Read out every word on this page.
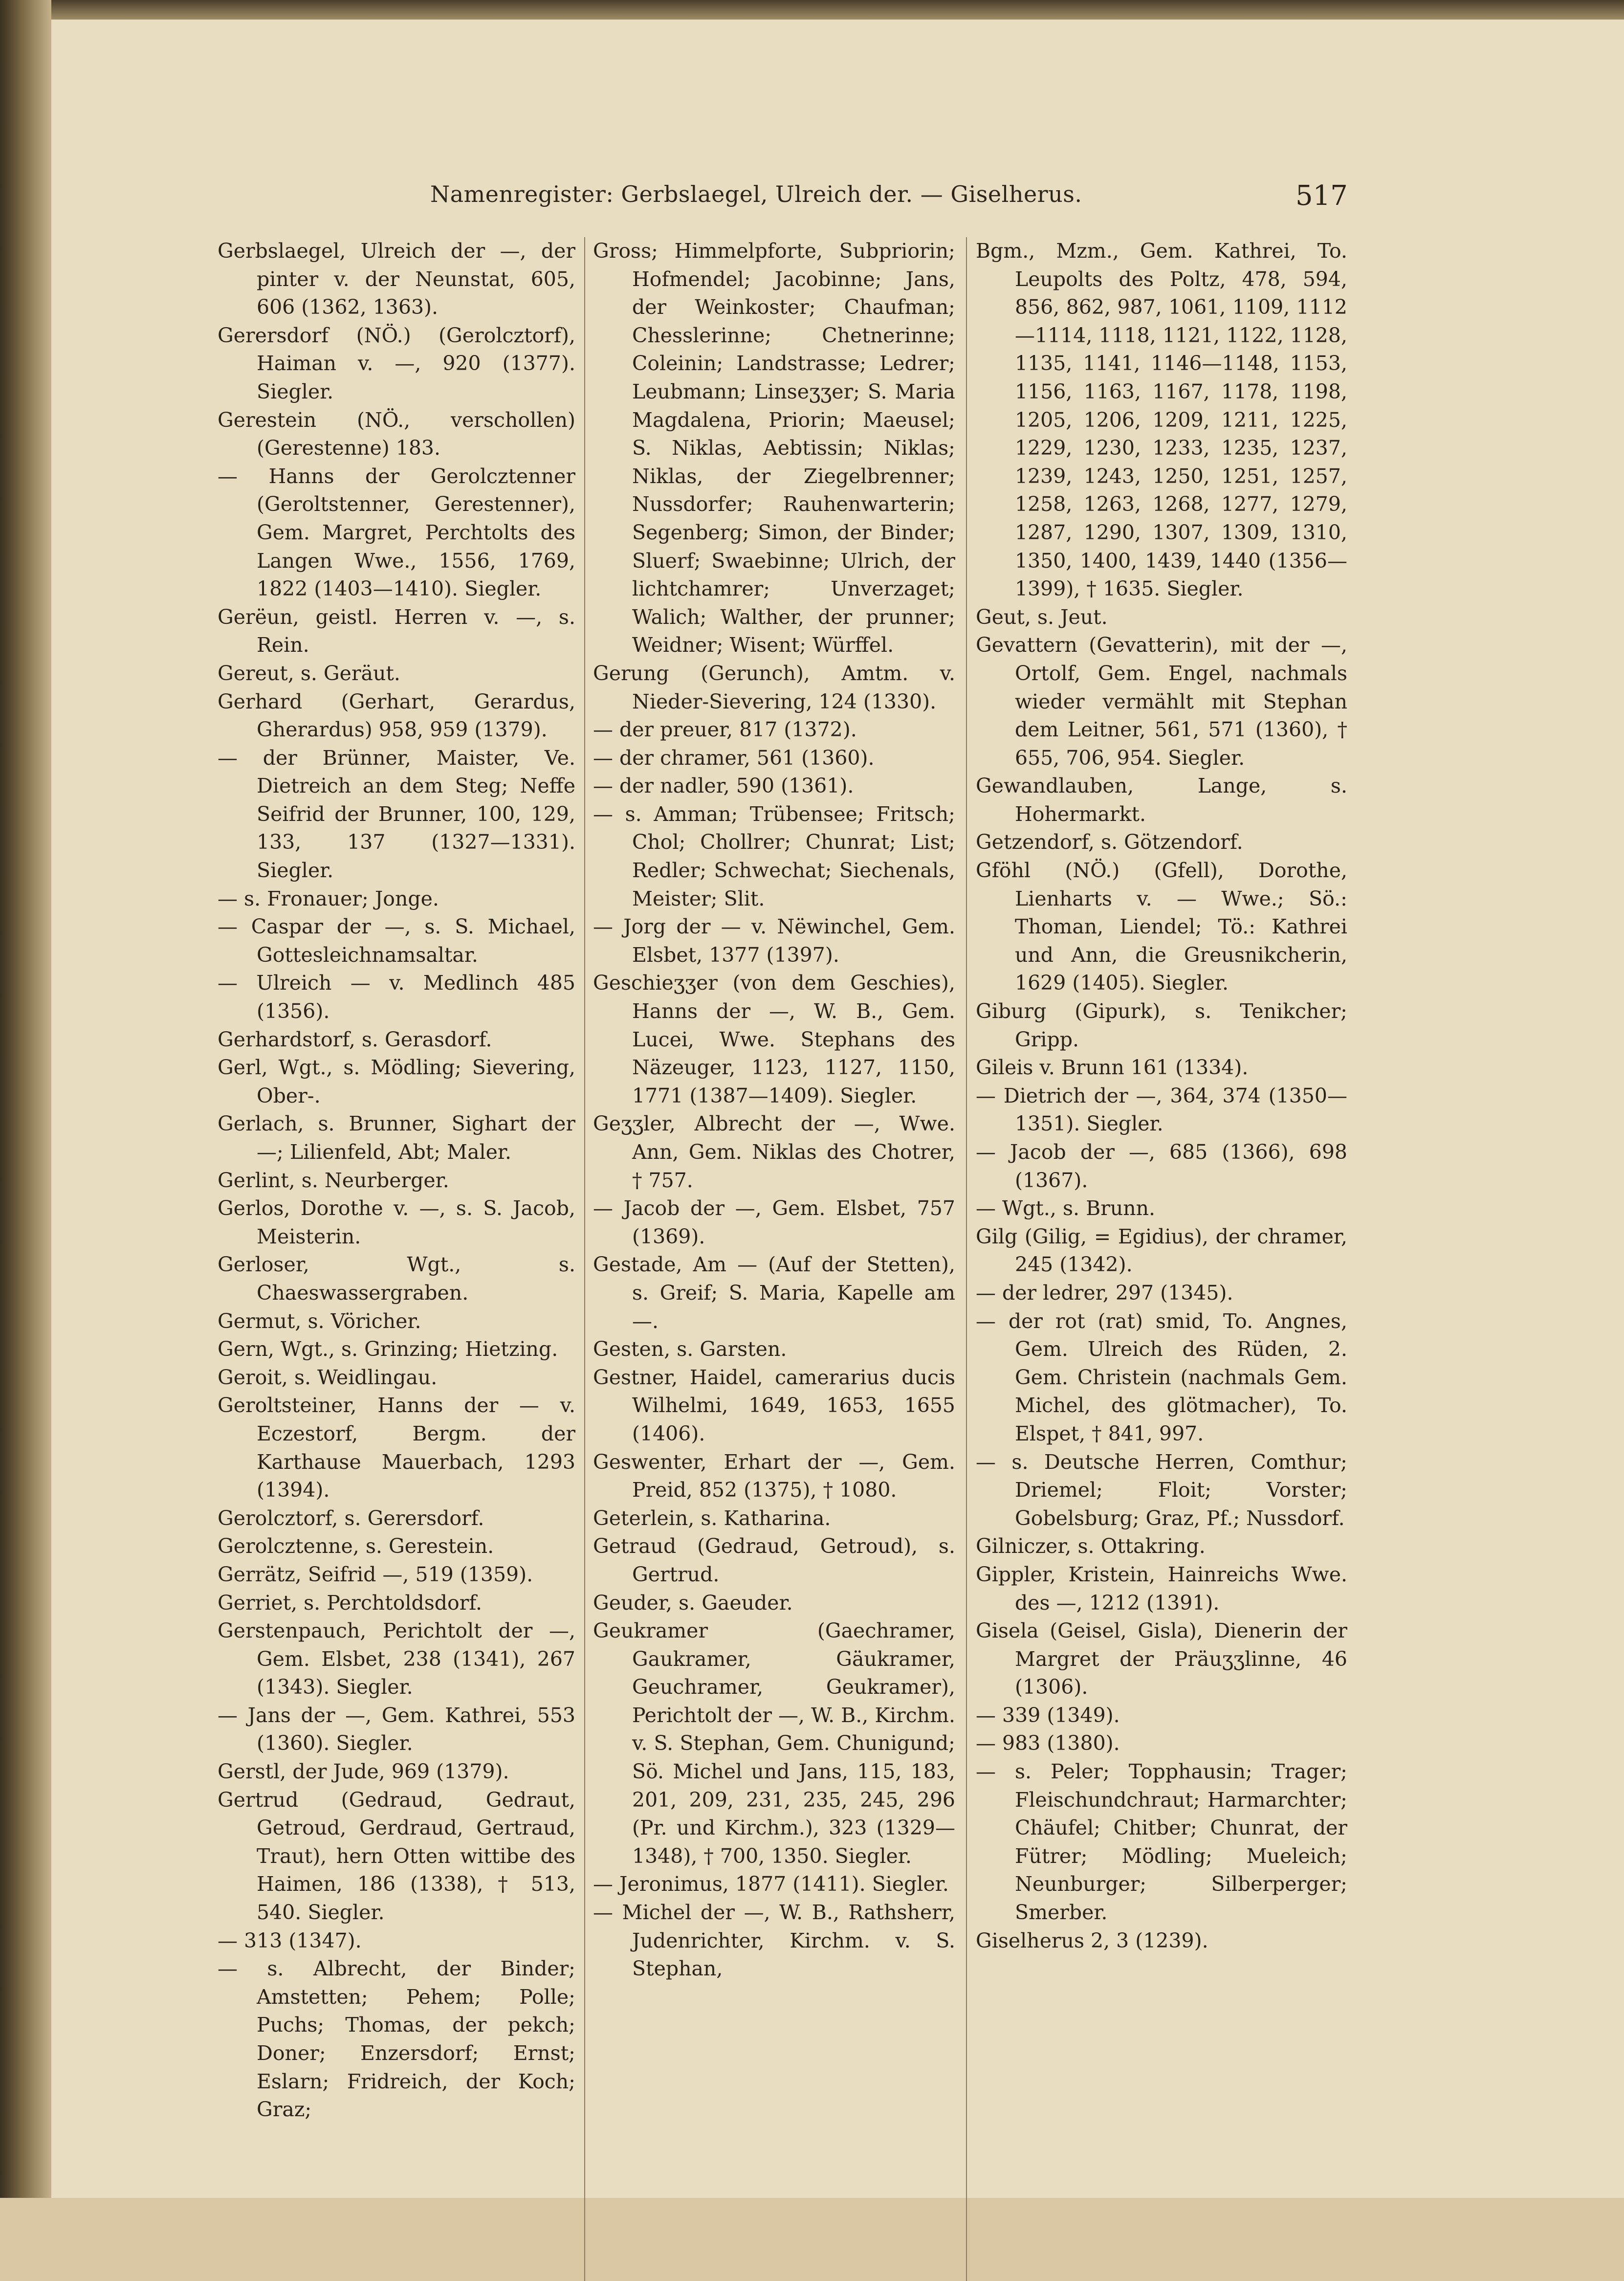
Namenregister: Gerbslaegel, Ulreich der. — Giselherus.	517
Gerbslaegel, Ulreich der —, der pinter v. der Neunstat, 605, 606 (1362, 1363).
Gerersdorf (NÖ.) (Gerolcztorf), Haiman v. —, 920 (1377). Siegler.
Gerestein (NÖ., verschollen) (Gerestenne) 183.
— Hanns der Gerolcztenner (Geroltstenner, Gerestenner), Gem. Margret, Perchtolts des Langen Wwe., 1556, 1769, 1822 (1403—1410). Siegler.
Gerëun, geistl. Herren v. —, s. Rein.
Gereut, s. Geräut.
Gerhard (Gerhart, Gerardus, Gherardus) 958, 959 (1379).
— der Brünner, Maister, Ve. Dietreich an dem Steg; Neffe Seifrid der Brunner, 100, 129, 133, 137 (1327—1331). Siegler.
— s. Fronauer; Jonge.
— Caspar der —, s. S. Michael, Gottesleichnamsaltar.
— Ulreich — v. Medlinch 485 (1356).
Gerhardstorf, s. Gerasdorf.
Gerl, Wgt., s. Mödling; Sievering, Ober-.
Gerlach, s. Brunner, Sighart der —; Lilienfeld, Abt; Maler.
Gerlint, s. Neurberger.
Gerlos, Dorothe v. —, s. S. Jacob, Meisterin.
Gerloser, Wgt., s. Chaeswassergraben.
Germut, s. Vöricher.
Gern, Wgt., s. Grinzing; Hietzing.
Geroit, s. Weidlingau.
Geroltsteiner, Hanns der — v. Eczestorf, Bergm. der Karthause Mauerbach, 1293 (1394).
Gerolcztorf, s. Gerersdorf.
Gerolcztenne, s. Gerestein.
Gerrätz, Seifrid —, 519 (1359).
Gerriet, s. Perchtoldsdorf.
Gerstenpauch, Perichtolt der —, Gem. Elsbet, 238 (1341), 267 (1343). Siegler.
— Jans der —, Gem. Kathrei, 553 (1360). Siegler.
Gerstl, der Jude, 969 (1379).
Gertrud (Gedraud, Gedraut, Getroud, Gerdraud, Gertraud, Traut), hern Otten wittibe des Haimen, 186 (1338), † 513, 540. Siegler.
— 313 (1347).
— s. Albrecht, der Binder; Amstetten; Pehem; Polle; Puchs; Thomas, der pekch; Doner; Enzersdorf; Ernst; Eslarn; Fridreich, der Koch; Graz;
Gross; Himmelpforte, Subpriorin; Hofmendel; Jacobinne; Jans, der Weinkoster; Chaufman; Chesslerinne; Chetnerinne; Coleinin; Landstrasse; Ledrer; Leubmann; Linseʒʒer; S. Maria Magdalena, Priorin; Maeusel; S. Niklas, Aebtissin; Niklas; Niklas, der Ziegelbrenner; Nussdorfer; Rauhenwarterin; Segenberg; Simon, der Binder; Sluerf; Swaebinne; Ulrich, der lichtchamrer; Unverzaget; Walich; Walther, der prunner; Weidner; Wisent; Würffel.
Gerung (Gerunch), Amtm. v. Nieder-Sievering, 124 (1330).
— der preuer, 817 (1372).
— der chramer, 561 (1360).
— der nadler, 590 (1361).
— s. Amman; Trübensee; Fritsch; Chol; Chollrer; Chunrat; List; Redler; Schwechat; Siechenals, Meister; Slit.
— Jorg der — v. Nëwinchel, Gem. Elsbet, 1377 (1397).
Geschieʒʒer (von dem Geschies), Hanns der —, W. B., Gem. Lucei, Wwe. Stephans des Näzeuger, 1123, 1127, 1150, 1771 (1387—1409). Siegler.
Geʒʒler, Albrecht der —, Wwe. Ann, Gem. Niklas des Chotrer, † 757.
— Jacob der —, Gem. Elsbet, 757 (1369).
Gestade, Am — (Auf der Stetten), s. Greif; S. Maria, Kapelle am —.
Gesten, s. Garsten.
Gestner, Haidel, camerarius ducis Wilhelmi, 1649, 1653, 1655 (1406).
Geswenter, Erhart der —, Gem. Preid, 852 (1375), † 1080.
Geterlein, s. Katharina.
Getraud (Gedraud, Getroud), s. Gertrud.
Geuder, s. Gaeuder.
Geukramer (Gaechramer, Gaukramer, Gäukramer, Geuchramer, Geukramer), Perichtolt der —, W. B., Kirchm. v. S. Stephan, Gem. Chunigund; Sö. Michel und Jans, 115, 183, 201, 209, 231, 235, 245, 296 (Pr. und Kirchm.), 323 (1329—1348), † 700, 1350. Siegler.
— Jeronimus, 1877 (1411). Siegler.
— Michel der —, W. B., Rathsherr, Judenrichter, Kirchm. v. S. Stephan,
Bgm., Mzm., Gem. Kathrei, To. Leupolts des Poltz, 478, 594, 856, 862, 987, 1061, 1109, 1112—1114, 1118, 1121, 1122, 1128, 1135, 1141, 1146—1148, 1153, 1156, 1163, 1167, 1178, 1198, 1205, 1206, 1209, 1211, 1225, 1229, 1230, 1233, 1235, 1237, 1239, 1243, 1250, 1251, 1257, 1258, 1263, 1268, 1277, 1279, 1287, 1290, 1307, 1309, 1310, 1350, 1400, 1439, 1440 (1356—1399), † 1635. Siegler.
Geut, s. Jeut.
Gevattern (Gevatterin), mit der —, Ortolf, Gem. Engel, nachmals wieder vermählt mit Stephan dem Leitner, 561, 571 (1360), † 655, 706, 954. Siegler.
Gewandlauben, Lange, s. Hohermarkt.
Getzendorf, s. Götzendorf.
Gföhl (NÖ.) (Gfell), Dorothe, Lienharts v. — Wwe.; Sö.: Thoman, Liendel; Tö.: Kathrei und Ann, die Greusnikcherin, 1629 (1405). Siegler.
Giburg (Gipurk), s. Tenikcher; Gripp.
Gileis v. Brunn 161 (1334).
— Dietrich der —, 364, 374 (1350—1351). Siegler.
— Jacob der —, 685 (1366), 698 (1367).
— Wgt., s. Brunn.
Gilg (Gilig, = Egidius), der chramer, 245 (1342).
— der ledrer, 297 (1345).
— der rot (rat) smid, To. Angnes, Gem. Ulreich des Rüden, 2. Gem. Christein (nachmals Gem. Michel, des glötmacher), To. Elspet, † 841, 997.
— s. Deutsche Herren, Comthur; Driemel; Floit; Vorster; Gobelsburg; Graz, Pf.; Nussdorf.
Gilniczer, s. Ottakring.
Gippler, Kristein, Hainreichs Wwe. des —, 1212 (1391).
Gisela (Geisel, Gisla), Dienerin der Margret der Präuʒʒlinne, 46 (1306).
— 339 (1349).
— 983 (1380).
— s. Peler; Topphausin; Trager; Fleischundchraut; Harmarchter; Chäufel; Chitber; Chunrat, der Fütrer; Mödling; Mueleich; Neunburger; Silberperger; Smerber.
Giselherus 2, 3 (1239).
